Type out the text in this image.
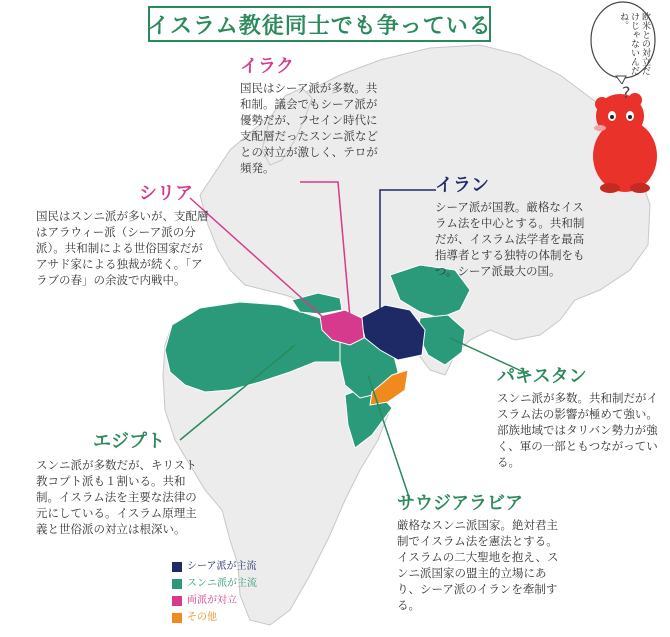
イスラム教徒同士でも争っている	欧米との対立だけじゃないんだね。
?
イラク
国民はシーア派が多数。共和制。議会でもシーア派が優勢だが、フセイン時代に支配層だったスンニ派などとの対立が激しく、テロが頻発。
シリア
国民はスンニ派が多いが、支配層はアラウィー派（シーア派の分派）。共和制による世俗国家だがアサド家による独裁が続く。「アラブの春」の余波で内戦中。
イラン
シーア派が国教。厳格なイスラム法を中心とする。共和制だが、イスラム法学者を最高指導者とする独特の体制をもつ。シーア派最大の国。
パキスタン
スンニ派が多数。共和制だがイスラム法の影響が極めて強い。部族地域ではタリバン勢力が強く、軍の一部ともつながっている。
エジプト
スンニ派が多数だが、キリスト教コプト派も１割いる。共和制。イスラム法を主要な法律の元にしている。イスラム原理主義と世俗派の対立は根深い。
サウジアラビア
厳格なスンニ派国家。絶対君主制でイスラム法を憲法とする。イスラムの二大聖地を抱え、スンニ派国家の盟主的立場にあり、シーア派のイランを牽制する。
シーア派が主流
スンニ派が主流
両派が対立
その他
